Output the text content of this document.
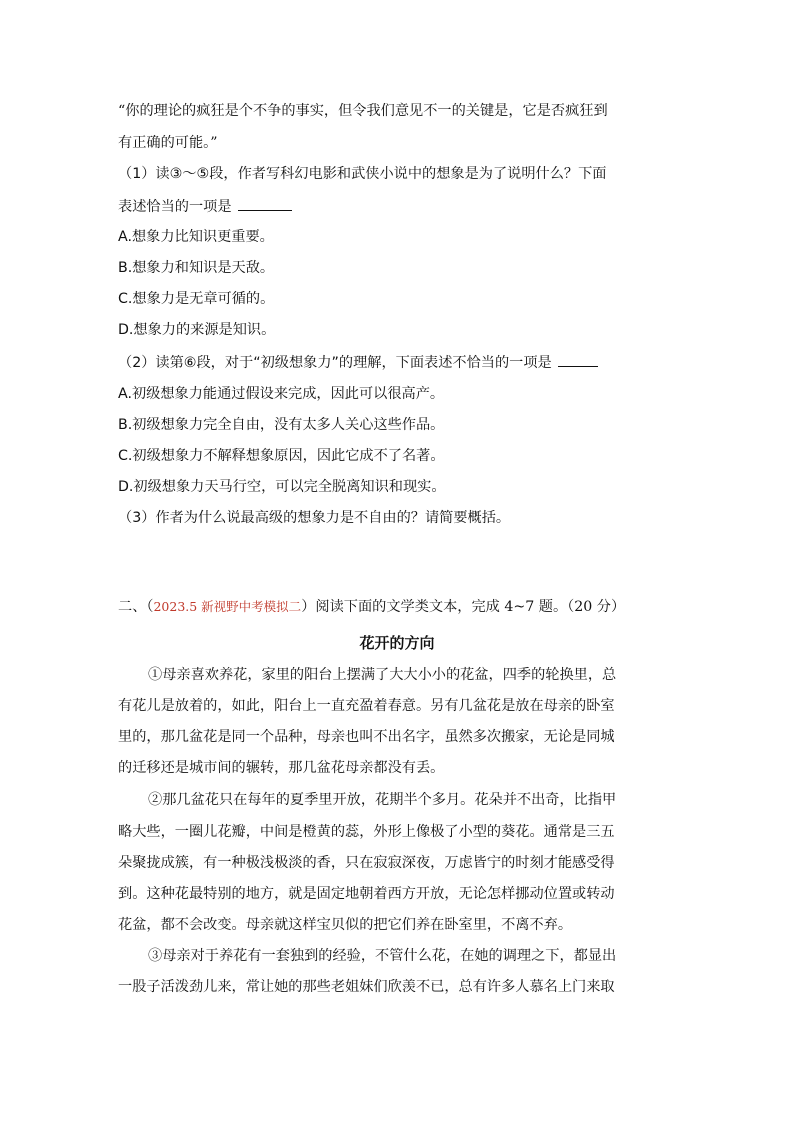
“你的理论的疯狂是个不争的事实，但令我们意见不一的关键是，它是否疯狂到
有正确的可能。”
（1）读③～⑤段，作者写科幻电影和武侠小说中的想象是为了说明什么？下面
表述恰当的一项是
A.想象力比知识更重要。
B.想象力和知识是天敌。
C.想象力是无章可循的。
D.想象力的来源是知识。
（2）读第⑥段，对于“初级想象力”的理解，下面表述不恰当的一项是
A.初级想象力能通过假设来完成，因此可以很高产。
B.初级想象力完全自由，没有太多人关心这些作品。
C.初级想象力不解释想象原因，因此它成不了名著。
D.初级想象力天马行空，可以完全脱离知识和现实。
（3）作者为什么说最高级的想象力是不自由的？请简要概括。
二、（2023.5 新视野中考模拟二）阅读下面的文学类文本，完成 4~7 题。（20 分）
花开的方向
①母亲喜欢养花，家里的阳台上摆满了大大小小的花盆，四季的轮换里，总
有花儿是放着的，如此，阳台上一直充盈着春意。另有几盆花是放在母亲的卧室
里的，那几盆花是同一个品种，母亲也叫不出名字，虽然多次搬家，无论是同城
的迁移还是城市间的辗转，那几盆花母亲都没有丢。
②那几盆花只在每年的夏季里开放，花期半个多月。花朵并不出奇，比指甲
略大些，一圈儿花瓣，中间是橙黄的蕊，外形上像极了小型的葵花。通常是三五
朵聚拢成簇，有一种极浅极淡的香，只在寂寂深夜，万虑皆宁的时刻才能感受得
到。这种花最特别的地方，就是固定地朝着西方开放，无论怎样挪动位置或转动
花盆，都不会改变。母亲就这样宝贝似的把它们养在卧室里，不离不弃。
③母亲对于养花有一套独到的经验，不管什么花，在她的调理之下，都显出
一股子活泼劲儿来，常让她的那些老姐妹们欣羡不已，总有许多人慕名上门来取
